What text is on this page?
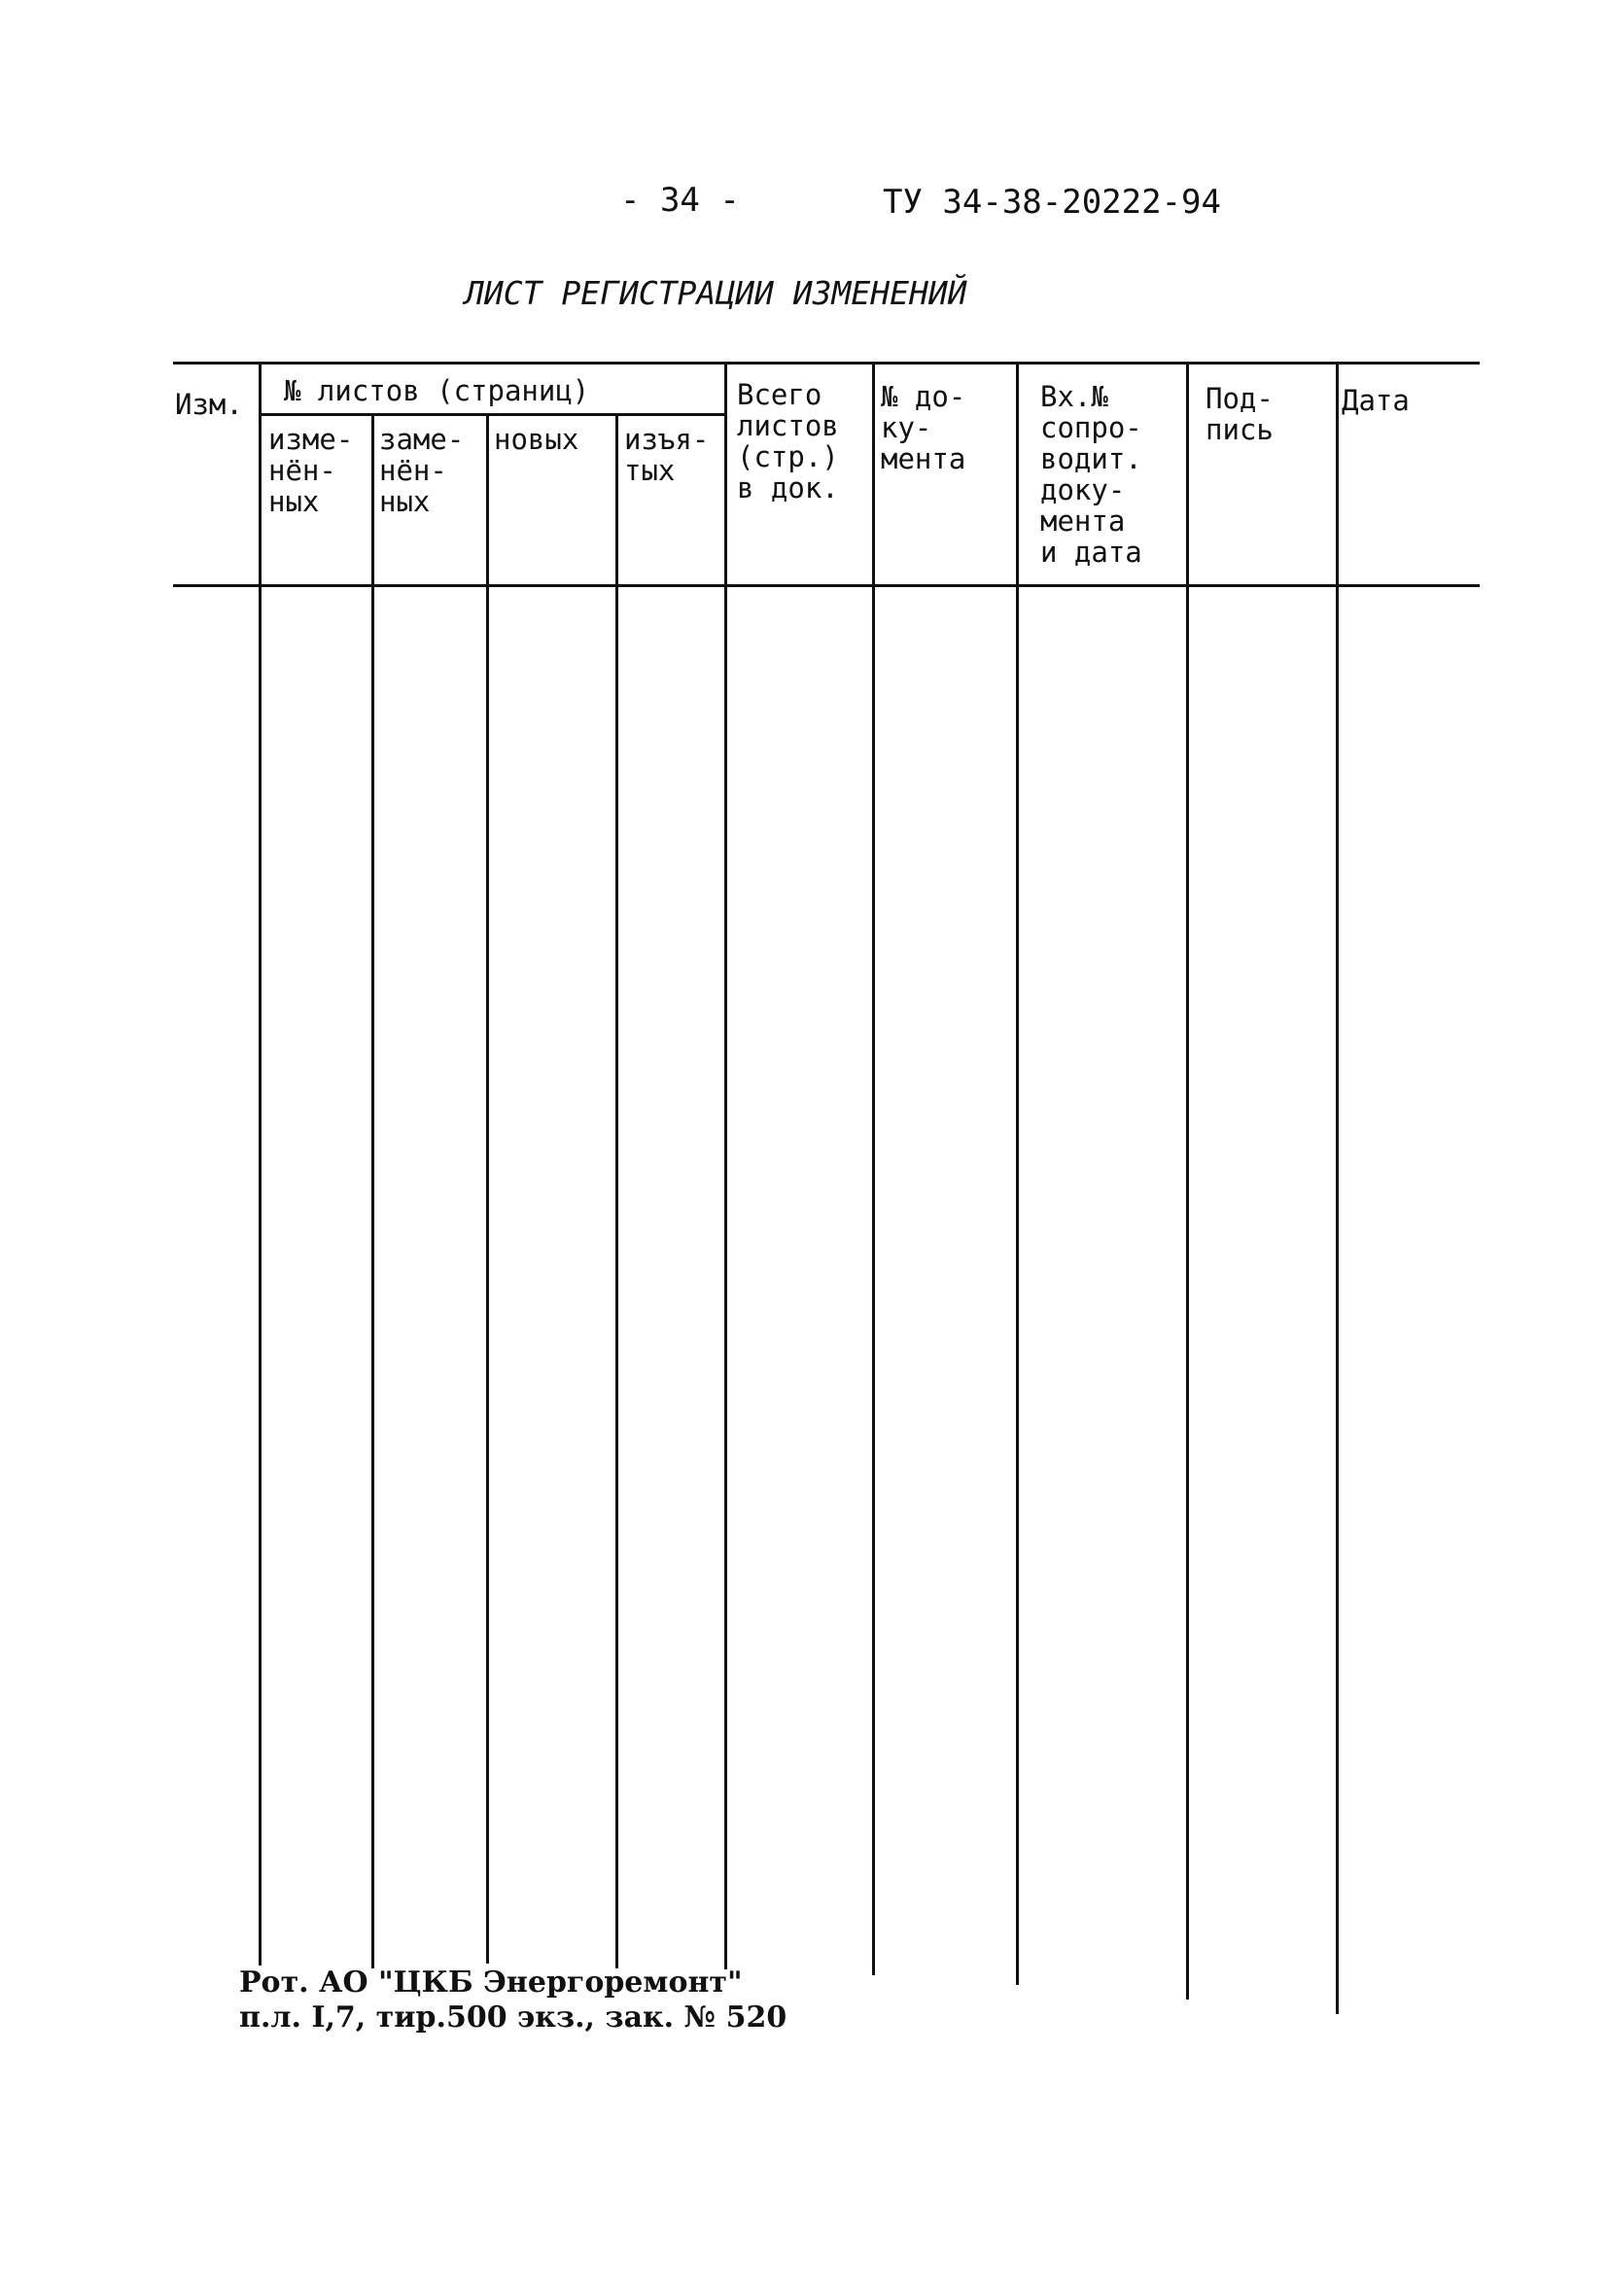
- 34 -	ТУ 34-38-20222-94
ЛИСТ РЕГИСТРАЦИИ ИЗМЕНЕНИЙ
Изм. № листов (страниц)
изме-
нён-
ных
заме-
нён-
ных
новых изъя-
тых
Всего
листов
(стр.)
в док.
№ до-
ку-
мента
Вх.№
сопро-
водит.
доку-
мента
и дата
Под-
пись
Дата
Рот. АО "ЦКБ Энергоремонт"
п.л. I,7, тир.500 экз., зак. № 520
